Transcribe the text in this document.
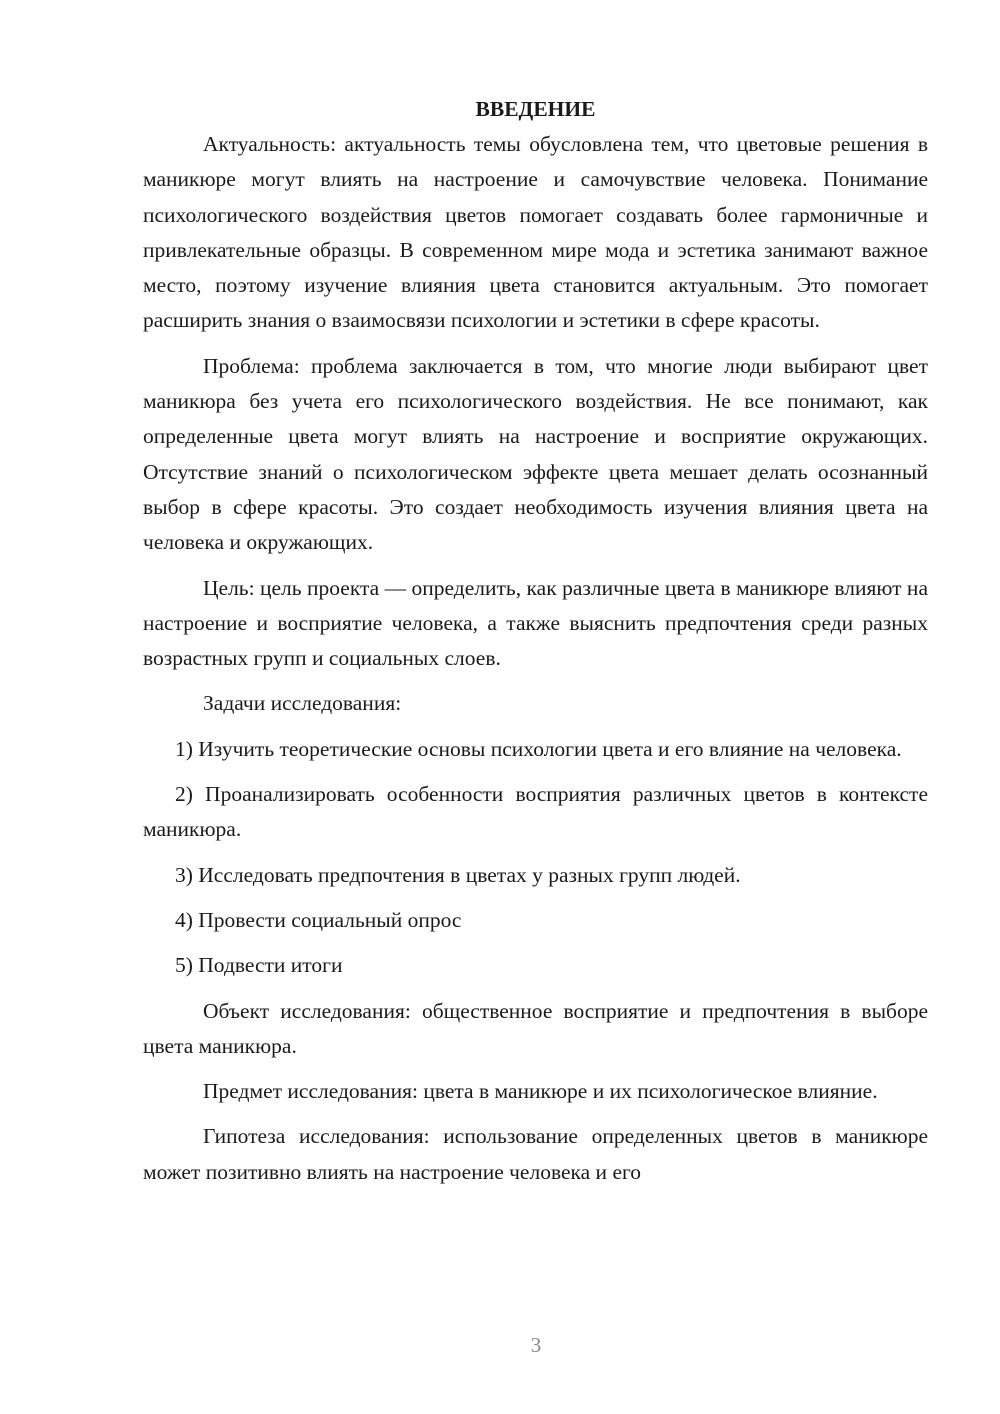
ВВЕДЕНИЕ

Актуальность: актуальность темы обусловлена тем, что цветовые решения в маникюре могут влиять на настроение и самочувствие человека. Понимание психологического воздействия цветов помогает создавать более гармоничные и привлекательные образцы. В современном мире мода и эстетика занимают важное место, поэтому изучение влияния цвета становится актуальным. Это помогает расширить знания о взаимосвязи психологии и эстетики в сфере красоты.

Проблема: проблема заключается в том, что многие люди выбирают цвет маникюра без учета его психологического воздействия. Не все понимают, как определенные цвета могут влиять на настроение и восприятие окружающих. Отсутствие знаний о психологическом эффекте цвета мешает делать осознанный выбор в сфере красоты. Это создает необходимость изучения влияния цвета на человека и окружающих.

Цель: цель проекта — определить, как различные цвета в маникюре влияют на настроение и восприятие человека, а также выяснить предпочтения среди разных возрастных групп и социальных слоев.

Задачи исследования:

1) Изучить теоретические основы психологии цвета и его влияние на человека.

2) Проанализировать особенности восприятия различных цветов в контексте маникюра.

3) Исследовать предпочтения в цветах у разных групп людей.

4) Провести социальный опрос

5) Подвести итоги

Объект исследования: общественное восприятие и предпочтения в выборе цвета маникюра.

Предмет исследования: цвета в маникюре и их психологическое влияние.

Гипотеза исследования: использование определенных цветов в маникюре может позитивно влиять на настроение человека и его

3
